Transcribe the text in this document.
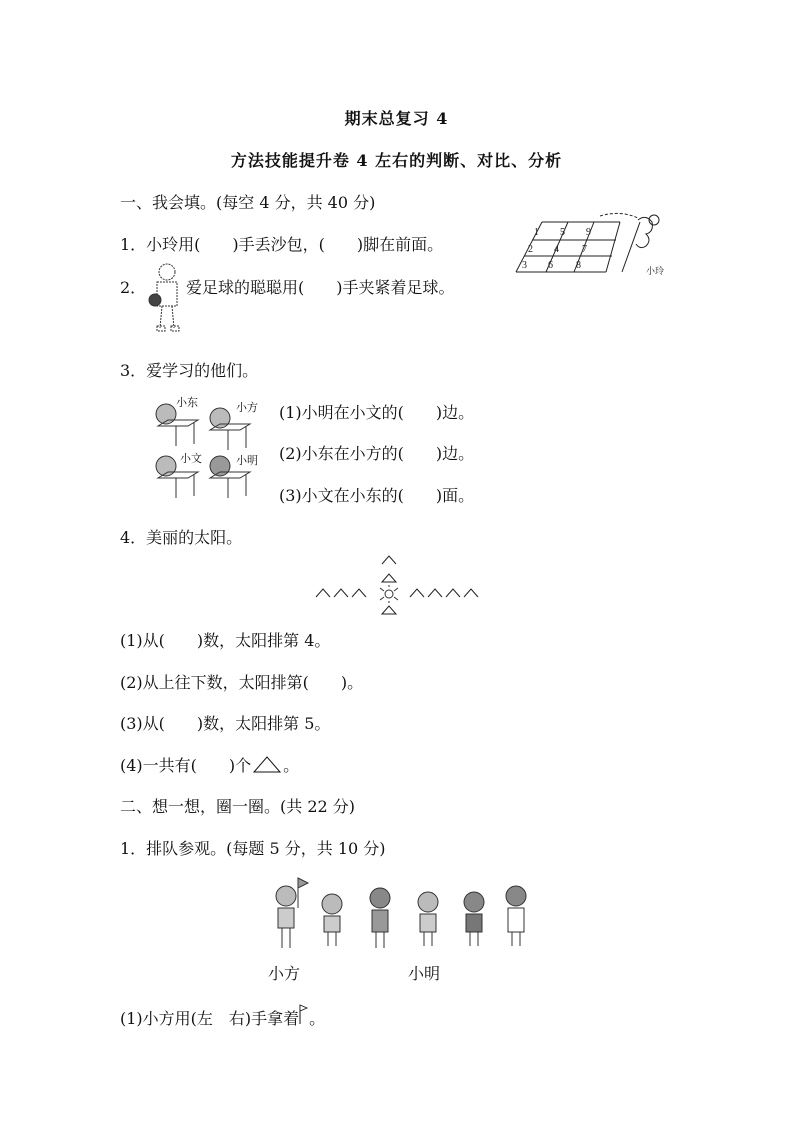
期末总复习 4
方法技能提升卷 4 左右的判断、对比、分析
一、我会填。(每空 4 分，共 40 分)
1．小玲用(　　)手丢沙包，(　　)脚在前面。
1 5 9
2 4 7
3 6 8	小玲
2． 爱足球的聪聪用(　　)手夹紧着足球。
3．爱学习的他们。
小东	小方
小文	小明
(1)小明在小文的(　　)边。
(2)小东在小方的(　　)边。
(3)小文在小东的(　　)面。
4．美丽的太阳。
(1)从(　　)数，太阳排第 4。
(2)从上往下数，太阳排第(　　)。
(3)从(　　)数，太阳排第 5。
(4)一共有(　　)个 。
二、想一想，圈一圈。(共 22 分)
1．排队参观。(每题 5 分，共 10 分)
小方	小明
(1)小方用(左　右)手拿着 。
